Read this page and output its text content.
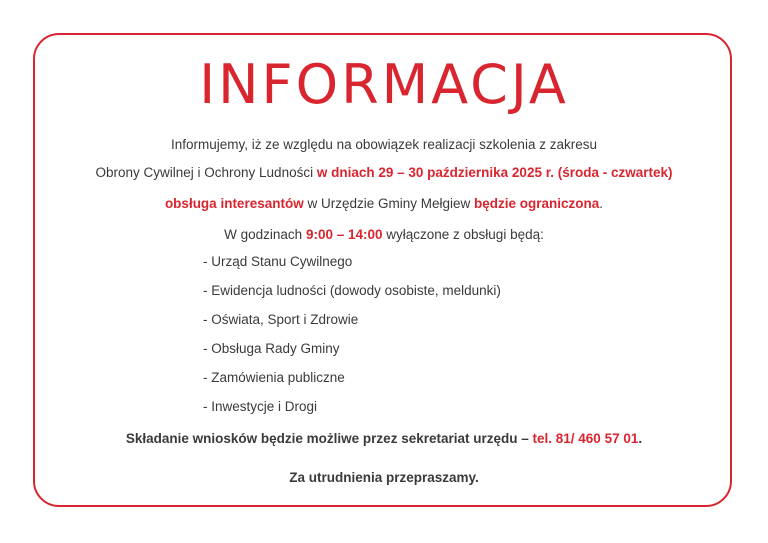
INFORMACJA
Informujemy, iż ze względu na obowiązek realizacji szkolenia z zakresu
Obrony Cywilnej i Ochrony Ludności w dniach 29 – 30 października 2025 r. (środa - czwartek)
obsługa interesantów w Urzędzie Gminy Mełgiew będzie ograniczona.
W godzinach 9:00 – 14:00 wyłączone z obsługi będą:
- Urząd Stanu Cywilnego
- Ewidencja ludności (dowody osobiste, meldunki)
- Oświata, Sport i Zdrowie
- Obsługa Rady Gminy
- Zamówienia publiczne
- Inwestycje i Drogi
Składanie wniosków będzie możliwe przez sekretariat urzędu – tel. 81/ 460 57 01.
Za utrudnienia przepraszamy.
